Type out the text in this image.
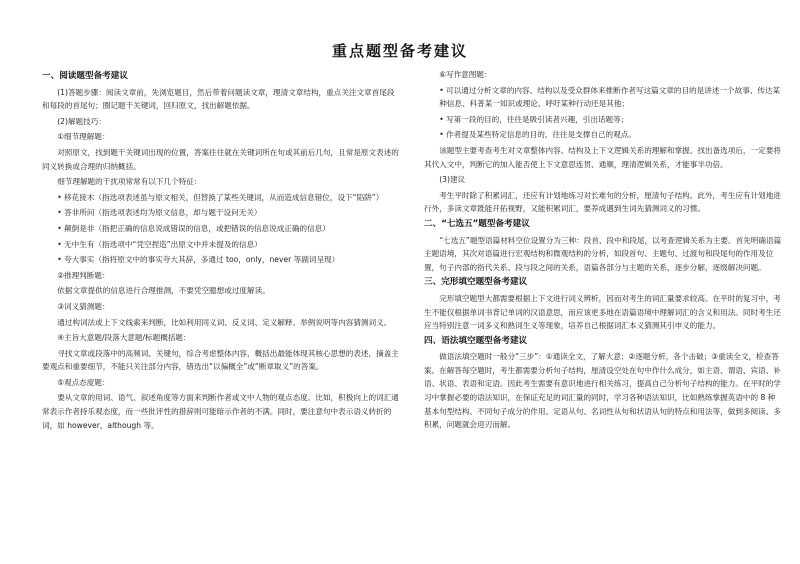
重点题型备考建议

一、阅读题型备考建议

(1)答题步骤：阅读文章前，先浏览题目，然后带着问题读文章，理清文章结构，重点关注文章首尾段和每段的首尾句；圈记题干关键词，回归原文，找出解题依据。

(2)解题技巧：

①细节理解题：

对照原文，找到题干关键词出现的位置，答案往往就在关键词所在句或其前后几句，且常是原文表述的同义转换或合理的归纳概括。

细节理解题的干扰项常常有以下几个特征：

• 移花接木（指选项表述虽与原文相关，但替换了某些关键词，从而造成信息错位，设下“陷阱”）

• 答非所问（指选项表述均为原文信息，却与题干设问无关）

• 颠倒是非（指把正确的信息说成错误的信息，或把错误的信息说成正确的信息）

• 无中生有（指选项中“凭空捏造”出原文中并未提及的信息）

• 夸大事实（指将原文中的事实夸大其辞，多通过 too，only，never 等副词呈现）

②推理判断题：

依据文章提供的信息进行合理推测，不要凭空臆想或过度解读。

③词义猜测题：

通过构词法或上下文线索来判断，比如利用同义词、反义词、定义解释、举例说明等内容猜测词义。

④主旨大意题/段落大意题/标题概括题：

寻找文章或段落中的高频词、关键句，综合考虑整体内容，概括出最能体现其核心思想的表述，摘盖主要观点和重要细节，不能只关注部分内容，错选出“以偏概全”或“断章取义”的答案。

⑤观点态度题：

要从文章的用词、语气、叙述角度等方面来判断作者或文中人物的观点态度。比如，积极向上的词汇通常表示作者持乐观态度，而一些批评性的措辞则可能暗示作者的不满。同时，要注意句中表示语义转折的词，如 however，although 等。

⑥写作意图题：

• 可以通过分析文章的内容、结构以及受众群体来推断作者写这篇文章的目的是讲述一个故事、传达某种信息、科普某一知识或理论、呼吁某种行动还是其他；

• 写第一段的目的，往往是吸引读者兴趣，引出话题等；

• 作者提及某些特定信息的目的，往往是支撑自己的观点。

该题型主要考查考生对文章整体内容、结构及上下文逻辑关系的理解和掌握。找出备选项后，一定要将其代入文中，判断它的加入能否使上下文意思连贯、通顺，理清逻辑关系，才能事半功倍。

(3)建议

考生平时除了积累词汇，还应有计划地练习对长难句的分析，厘清句子结构。此外，考生应有计划地进行外，多读文章既能开拓视野，又能积累词汇，要养成遇到生词先猜测词义的习惯。

二、“七选五”题型备考建议

“七选五”题型语篇材料空位设置分为三种：段首、段中和段尾，以考查逻辑关系为主要。首先明确语篇主题语境，其次对语篇进行宏观结构和微观结构的分析，如段首句、主题句、过渡句和段尾句的作用及位置，句子内部的指代关系、段与段之间的关系，语篇各部分与主题的关系，逐步分解，逐级解决问题。

三、完形填空题型备考建议

完形填空题型大都需要根据上下文进行词义辨析，因而对考生的词汇量要求较高。在平时的复习中，考生不能仅根据单词书背记单词的汉语意思，而应该更多地在语篇语境中理解词汇的含义和用法。同时考生还应当特别注意一词多义和熟词生义等现象，培养自己根据词汇本义猜测其引申义的能力。

四、语法填空题型备考建议

做语法填空题时一般分“三步”：①通读全文，了解大意；②逐题分析，各个击破；③重读全文，检查答案。在解答每空题时，考生都需要分析句子结构，厘清设空处在句中作什么成分，如主语、谓语、宾语、补语、状语、表语和定语。因此考生需要有意识地进行相关练习，提高自己分析句子结构的能力。在平时的学习中掌握必要的语法知识，在保证充足的词汇量的同时，学习各种语法知识，比如熟练掌握英语中的 8 种基本句型结构、不同句子成分的作用、定语从句、名词性从句和状语从句的特点和用法等，做到多阅读、多积累，问题就会迎刃而解。
